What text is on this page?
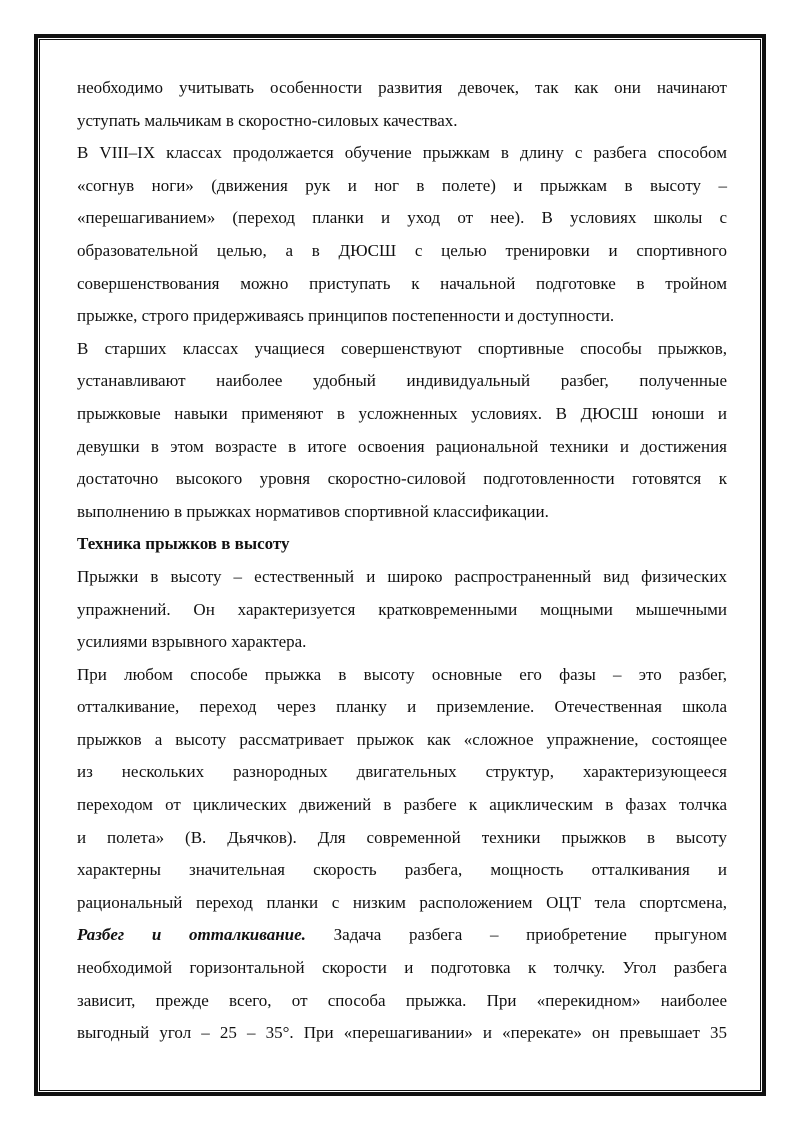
необходимо учитывать особенности развития девочек, так как они начинают
уступать мальчикам в скоростно-силовых качествах.
В VIII–IX классах продолжается обучение прыжкам в длину с разбега способом
«согнув ноги» (движения рук и ног в полете) и прыжкам в высоту –
«перешагиванием» (переход планки и уход от нее). В условиях школы с
образовательной целью, а в ДЮСШ с целью тренировки и спортивного
совершенствования можно приступать к начальной подготовке в тройном
прыжке, строго придерживаясь принципов постепенности и доступности.
В старших классах учащиеся совершенствуют спортивные способы прыжков,
устанавливают наиболее удобный индивидуальный разбег, полученные
прыжковые навыки применяют в усложненных условиях. В ДЮСШ юноши и
девушки в этом возрасте в итоге освоения рациональной техники и достижения
достаточно высокого уровня скоростно-силовой подготовленности готовятся к
выполнению в прыжках нормативов спортивной классификации.
Техника прыжков в высоту
Прыжки в высоту – естественный и широко распространенный вид физических
упражнений. Он характеризуется кратковременными мощными мышечными
усилиями взрывного характера.
При любом способе прыжка в высоту основные его фазы – это разбег,
отталкивание, переход через планку и приземление. Отечественная школа
прыжков а высоту рассматривает прыжок как «сложное упражнение, состоящее
из нескольких разнородных двигательных структур, характеризующееся
переходом от циклических движений в разбеге к ациклическим в фазах толчка
и полета» (В. Дьячков). Для современной техники прыжков в высоту
характерны значительная скорость разбега, мощность отталкивания и
рациональный переход планки с низким расположением ОЦТ тела спортсмена,
Разбег и отталкивание. Задача разбега – приобретение прыгуном
необходимой горизонтальной скорости и подготовка к толчку. Угол разбега
зависит, прежде всего, от способа прыжка. При «перекидном» наиболее
выгодный угол – 25 – 35°. При «перешагивании» и «перекате» он превышает 35
